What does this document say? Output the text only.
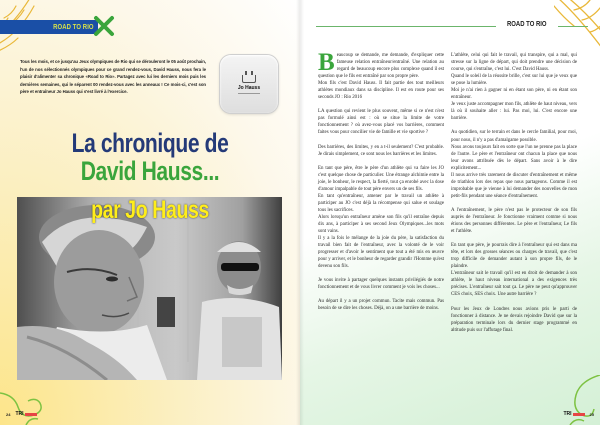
ROAD TO RIO
Tous les mois, et ce jusqu'au Jeux olympiques de Rio qui se dérouleront le 05 août prochain, l'un de nos sélectionnés olympiques pour ce grand rendez-vous, David Hauss, nous fera le plaisir d'alimenter sa chronique «Road to Rio». Partagez avec lui les derniers mois puis les dernières semaines, qui le séparent 00 rendez-vous avec les anneaux ! Ce mois-ci, c'est son père et entraîneur Jo Hauss qui s'est livré à l'exercice.
Jo Hauss
La chronique de
David Hauss...
par Jo Hauss
24 TRI
ROAD TO RIO

Beaucoup se demande, me demande, d'expliquer cette fameuse relation entraîneur/entraîné. Une relation au regard de beaucoup encore plus complexe quand il est question que le fils est entraîné par son propre père.

Mon fils c'est David Hauss. Il fait partie des tout meilleurs athlètes mondiaux dans sa discipline. Il est en route pour ses seconds JO : Rio 2016

LA question qui revient le plus souvent, même si ce n'est n'est pas formulé ainsi est : où se situe la limite de votre fonctionnement ? où avez-vous placé vos barrières, comment faites vous pour concilier vie de famille et vie sportive ?

Des barrières, des limites, y en a t-il seulement? C'est probable. Je dirais simplement, ce sont nous les barrières et les limites.

En tant que père, être le père d'un athlète qui va faire les JO c'est quelque chose de particulier. Une étrange alchimie entre la joie, le bonheur, le respect, la fierté, tout ça enrobé avec la dose d'amour impalpable de tout père envers un de ses fils.

En tant qu'entraîneur, amener par le travail un athlète à participer au JO c'est déjà la récompense qui salue et soulage tous les sacrifices.

Alors lorsqu'un entraîneur amène son fils qu'il entraîne depuis dix ans, à participer à ses second Jeux Olympiques...les mots sont vains.

Il y a la fois le mélange de la joie du père, la satisfaction du travail bien fait de l'entraîneur, avec la volonté de le voir progresser et d'avoir le sentiment que tout a été mis en œuvre pour y arriver, et le bonheur de regarder grandir l'Homme qu'est devenu son fils.

Je vous invite à partager quelques instants privilégiés de notre fonctionnement et de vous livrer comment je vois les choses...

Au départ il y a un projet commun. Tacite mais commun. Pas besoin de se dire les choses. Déjà, on a une barrière de moins.

L'athlète, celui qui fait le travail, qui transpire, qui a mal, qui stresse sur la ligne de départ, qui doit prendre une décision de course, qui s'entraîne, c'est lui. C'est David Hauss.

Quand le soleil de la réussite brille, c'est sur lui que je veux que se pose la lumière.

Moi je n'ai rien à gagner ni en étant son père, ni en étant son entraîneur.

Je veux juste accompagner mon fils, athlète de haut niveau, vers là où il souhaite aller : lui. Pas moi, lui. C'est encore une barrière.

Au quotidien, sur le terrain et dans le cercle familial, pour moi, pour nous, il n'y a pas d'amalgame possible.

Nous avons toujours fait en sorte que l'un ne prenne pas la place de l'autre. Le père et l'entraîneur ont chacun la place que nous leur avons attribuée dès le départ. Sans avoir à le dire explicitement...

Il nous arrive très rarement de discuter d'entraînement et même de triathlon lors des repas que nous partageons. Comme il est improbable que je vienne à lui demander des nouvelles de mon petit-fils pendant une séance d'entraînement.

A l'entraînement, le père n'est pas le protecteur de son fils auprès de l'entraîneur. Je fonctionne vraiment comme si nous étions des personnes différentes. Le père et l'entraîneur, Le fils et l'athlète.

En tant que père, je pourrais dire à l'entraîneur qui est dans ma tête, et lors des grosses séances ou charges de travail, que c'est trop difficile de demander autant à son propre fils, de le plaindre.

L'entraîneur sait le travail qu'il est en droit de demander à son athlète, le haut niveau international a des exigences très précises. L'entraîneur sait tout ça. Le père ne peut qu'approuver CES choix, SES choix. Une autre barrière ?

Pour les Jeux de Londres nous avions pris le parti de fonctionner à distance. Je ne devais rejoindre David que sur la préparation terminale lors du dernier stage programmé en altitude puis sur l'affutage final.

TRI	25
